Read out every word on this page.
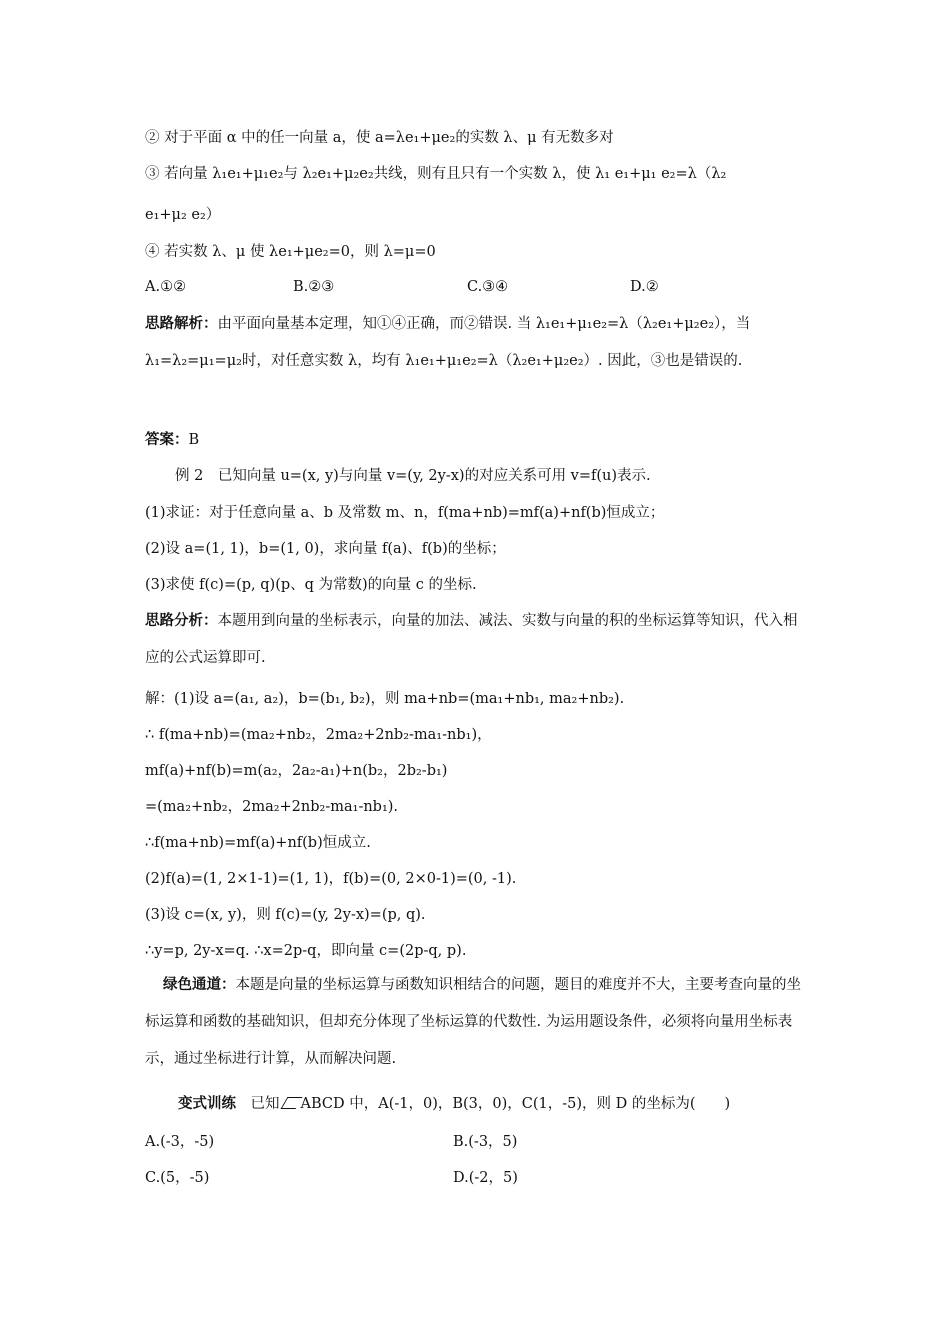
② 对于平面 α 中的任一向量 a，使 a=λe₁+μe₂的实数 λ、μ 有无数多对
③ 若向量 λ₁e₁+μ₁e₂与 λ₂e₁+μ₂e₂共线，则有且只有一个实数 λ，使 λ₁ e₁+μ₁ e₂=λ（λ₂
e₁+μ₂ e₂）
④ 若实数 λ、μ 使 λe₁+μe₂=0，则 λ=μ=0
A.①②	B.②③	C.③④	D.②
思路解析：由平面向量基本定理，知①④正确，而②错误. 当 λ₁e₁+μ₁e₂=λ（λ₂e₁+μ₂e₂），当 λ₁=λ₂=μ₁=μ₂时，对任意实数 λ，均有 λ₁e₁+μ₁e₂=λ（λ₂e₁+μ₂e₂）. 因此，③也是错误的.
答案：B
例 2　已知向量 u=(x, y)与向量 v=(y, 2y-x)的对应关系可用 v=f(u)表示.
(1)求证：对于任意向量 a、b 及常数 m、n，f(ma+nb)=mf(a)+nf(b)恒成立；
(2)设 a=(1, 1)，b=(1, 0)，求向量 f(a)、f(b)的坐标；
(3)求使 f(c)=(p, q)(p、q 为常数)的向量 c 的坐标.
思路分析：本题用到向量的坐标表示，向量的加法、减法、实数与向量的积的坐标运算等知识，代入相应的公式运算即可.
解：(1)设 a=(a₁, a₂)，b=(b₁, b₂)，则 ma+nb=(ma₁+nb₁, ma₂+nb₂).
∴ f(ma+nb)=(ma₂+nb₂，2ma₂+2nb₂-ma₁-nb₁)，
mf(a)+nf(b)=m(a₂，2a₂-a₁)+n(b₂，2b₂-b₁)
=(ma₂+nb₂，2ma₂+2nb₂-ma₁-nb₁).
∴f(ma+nb)=mf(a)+nf(b)恒成立.
(2)f(a)=(1, 2×1-1)=(1, 1)，f(b)=(0, 2×0-1)=(0, -1).
(3)设 c=(x, y)，则 f(c)=(y, 2y-x)=(p, q).
∴y=p, 2y-x=q. ∴x=2p-q，即向量 c=(2p-q, p).
绿色通道：本题是向量的坐标运算与函数知识相结合的问题，题目的难度并不大，主要考查向量的坐标运算和函数的基础知识，但却充分体现了坐标运算的代数性. 为运用题设条件，必须将向量用坐标表示，通过坐标进行计算，从而解决问题.
变式训练　 已知 ABCD 中，A(-1，0)，B(3，0)，C(1，-5)，则 D 的坐标为(　　)
A.(-3，-5)	B.(-3，5)
C.(5，-5)	D.(-2，5)
